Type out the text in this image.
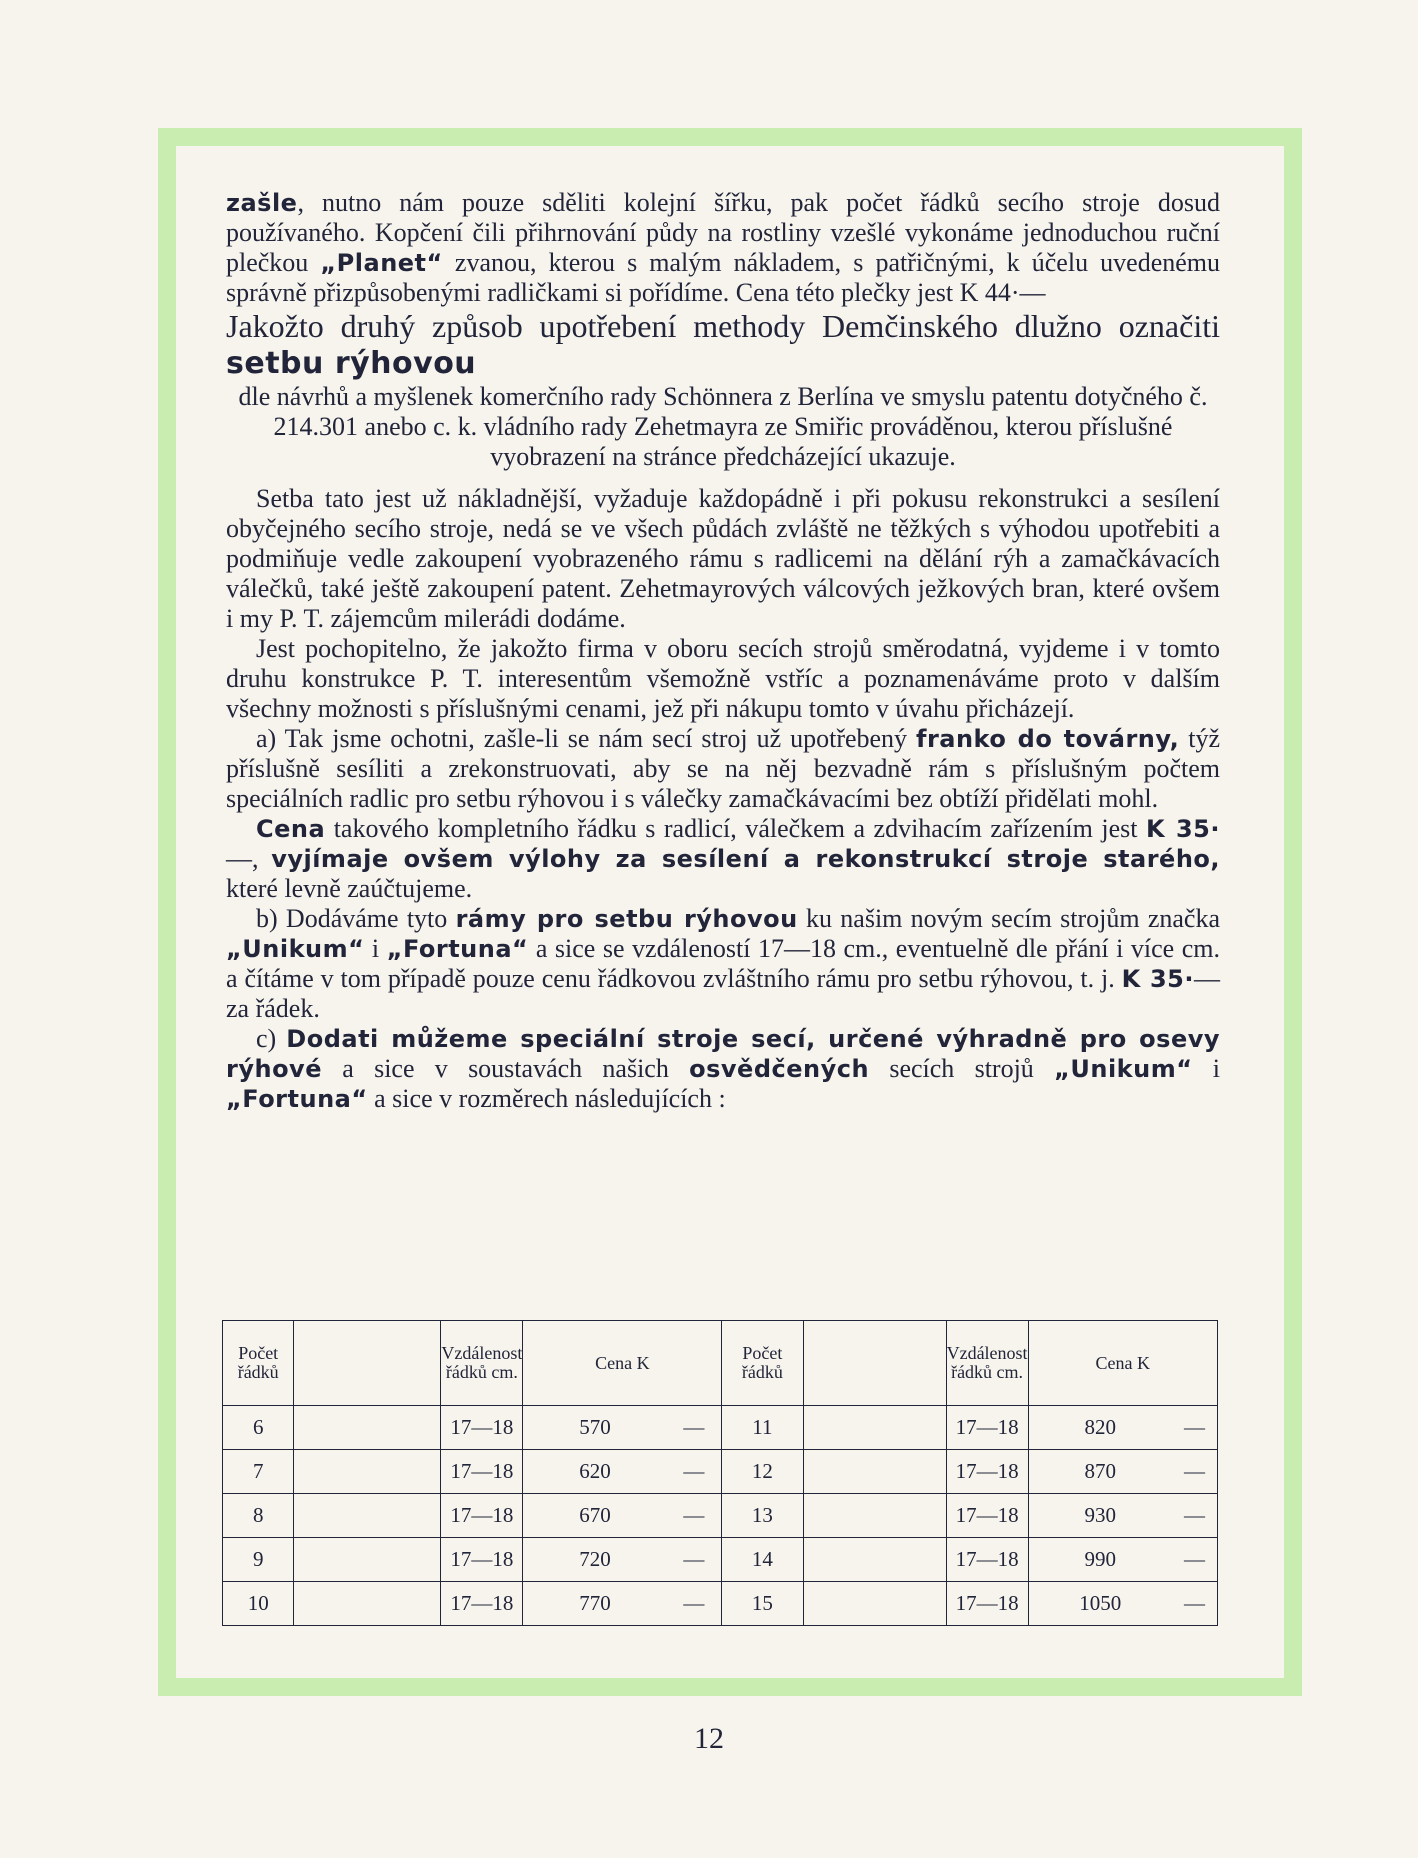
zašle, nutno nám pouze sděliti kolejní šířku, pak počet řádků secího stroje dosud používaného. Kopčení čili přihrnování půdy na rostliny vzešlé vykonáme jednoduchou ruční plečkou „Planet“ zvanou, kterou s malým nákladem, s patřičnými, k účelu uvedenému správně přizpůsobenými radličkami si pořídíme. Cena této plečky jest K 44·—

Jakožto druhý způsob upotřebení methody Demčinského dlužno označiti setbu rýhovou

dle návrhů a myšlenek komerčního rady Schönnera z Berlína ve smyslu patentu dotyčného č. 214.301 anebo c. k. vládního rady Zehetmayra ze Smiřic prováděnou, kterou příslušné vyobrazení na stránce předcházející ukazuje.

Setba tato jest už nákladnější, vyžaduje každopádně i při pokusu rekonstrukci a sesílení obyčejného secího stroje, nedá se ve všech půdách zvláště ne těžkých s výhodou upotřebiti a podmiňuje vedle zakoupení vyobrazeného rámu s radlicemi na dělání rýh a zamačkávacích válečků, také ještě zakoupení patent. Zehetmayrových válcových ježkových bran, které ovšem i my P. T. zájemcům milerádi dodáme.

Jest pochopitelno, že jakožto firma v oboru secích strojů směrodatná, vyjdeme i v tomto druhu konstrukce P. T. interesentům všemožně vstříc a poznamenáváme proto v dalším všechny možnosti s příslušnými cenami, jež při nákupu tomto v úvahu přicházejí.

a) Tak jsme ochotni, zašle-li se nám secí stroj už upotřebený franko do továrny, týž příslušně sesíliti a zrekonstruovati, aby se na něj bezvadně rám s příslušným počtem speciálních radlic pro setbu rýhovou i s válečky zamačkávacími bez obtíží přidělati mohl.

Cena takového kompletního řádku s radlicí, válečkem a zdvihacím zařízením jest K 35·—, vyjímaje ovšem výlohy za sesílení a rekonstrukcí stroje starého, které levně zaúčtujeme.

b) Dodáváme tyto rámy pro setbu rýhovou ku našim novým secím strojům značka „Unikum“ i „Fortuna“ a sice se vzdáleností 17—18 cm., eventuelně dle přání i více cm. a čítáme v tom případě pouze cenu řádkovou zvláštního rámu pro setbu rýhovou, t. j. K 35·— za řádek.

c) Dodati můžeme speciální stroje secí, určené výhradně pro osevy rýhové a sice v soustavách našich osvědčených secích strojů „Unikum“ i „Fortuna“ a sice v rozměrech následujících :

Počet řádků		Vzdálenost řádků cm.	Cena K		Počet řádků		Vzdálenost řádků cm.	Cena K	
6		17—18	570	—	11		17—18	820	—
7		17—18	620	—	12		17—18	870	—
8		17—18	670	—	13		17—18	930	—
9		17—18	720	—	14		17—18	990	—
10		17—18	770	—	15		17—18	1050	—
12
